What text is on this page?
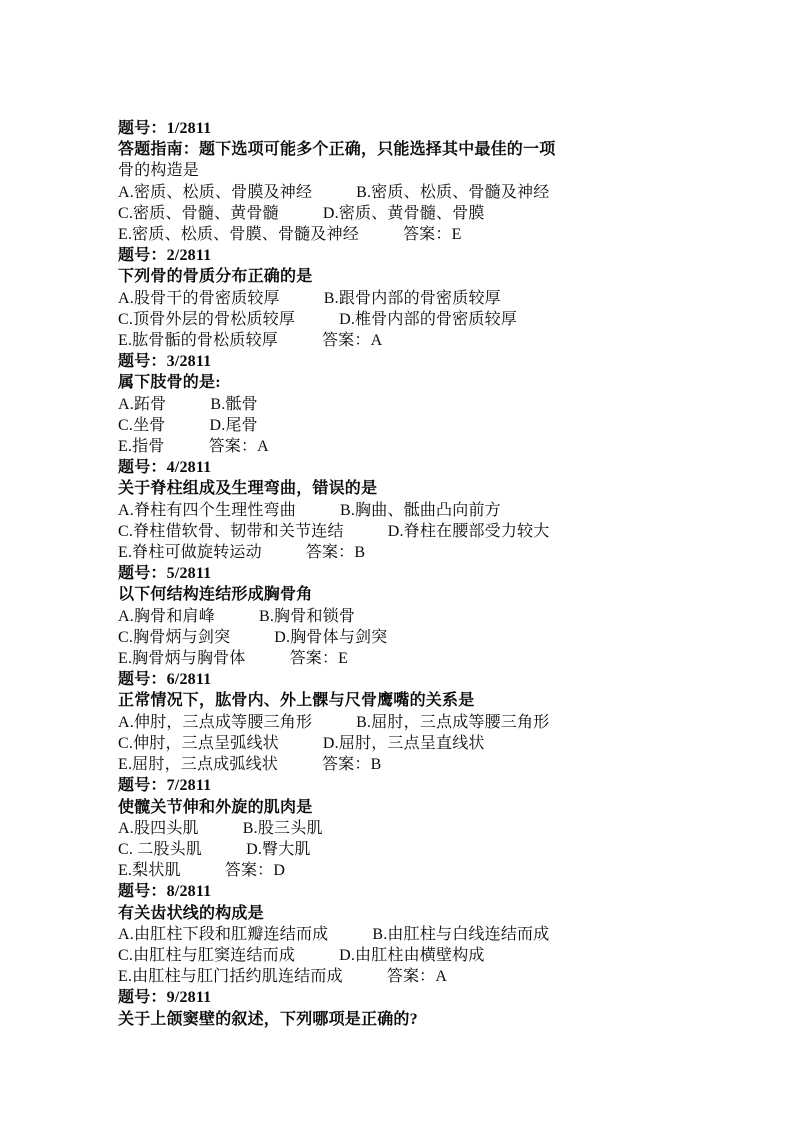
题号：1/2811
答题指南：题下选项可能多个正确，只能选择其中最佳的一项
骨的构造是
A.密质、松质、骨膜及神经	B.密质、松质、骨髓及神经
C.密质、骨髓、黄骨髓	D.密质、黄骨髓、骨膜
E.密质、松质、骨膜、骨髓及神经	答案：E
题号：2/2811
下列骨的骨质分布正确的是
A.股骨干的骨密质较厚	B.跟骨内部的骨密质较厚
C.顶骨外层的骨松质较厚	D.椎骨内部的骨密质较厚
E.肱骨骺的骨松质较厚	答案：A
题号：3/2811
属下肢骨的是:
A.跖骨	B.骶骨
C.坐骨	D.尾骨
E.指骨	答案：A
题号：4/2811
关于脊柱组成及生理弯曲，错误的是
A.脊柱有四个生理性弯曲	B.胸曲、骶曲凸向前方
C.脊柱借软骨、韧带和关节连结	D.脊柱在腰部受力较大
E.脊柱可做旋转运动	答案：B
题号：5/2811
以下何结构连结形成胸骨角
A.胸骨和肩峰	B.胸骨和锁骨
C.胸骨炳与剑突	D.胸骨体与剑突
E.胸骨炳与胸骨体	答案：E
题号：6/2811
正常情况下，肱骨内、外上髁与尺骨鹰嘴的关系是
A.伸肘，三点成等腰三角形	B.屈肘，三点成等腰三角形
C.伸肘，三点呈弧线状	D.屈肘，三点呈直线状
E.屈肘，三点成弧线状	答案：B
题号：7/2811
使髋关节伸和外旋的肌肉是
A.股四头肌	B.股三头肌
C. 二股头肌	D.臀大肌
E.梨状肌	答案：D
题号：8/2811
有关齿状线的构成是
A.由肛柱下段和肛瓣连结而成	B.由肛柱与白线连结而成
C.由肛柱与肛窦连结而成	D.由肛柱由横壁构成
E.由肛柱与肛门括约肌连结而成	答案：A
题号：9/2811
关于上颌窦壁的叙述，下列哪项是正确的?
